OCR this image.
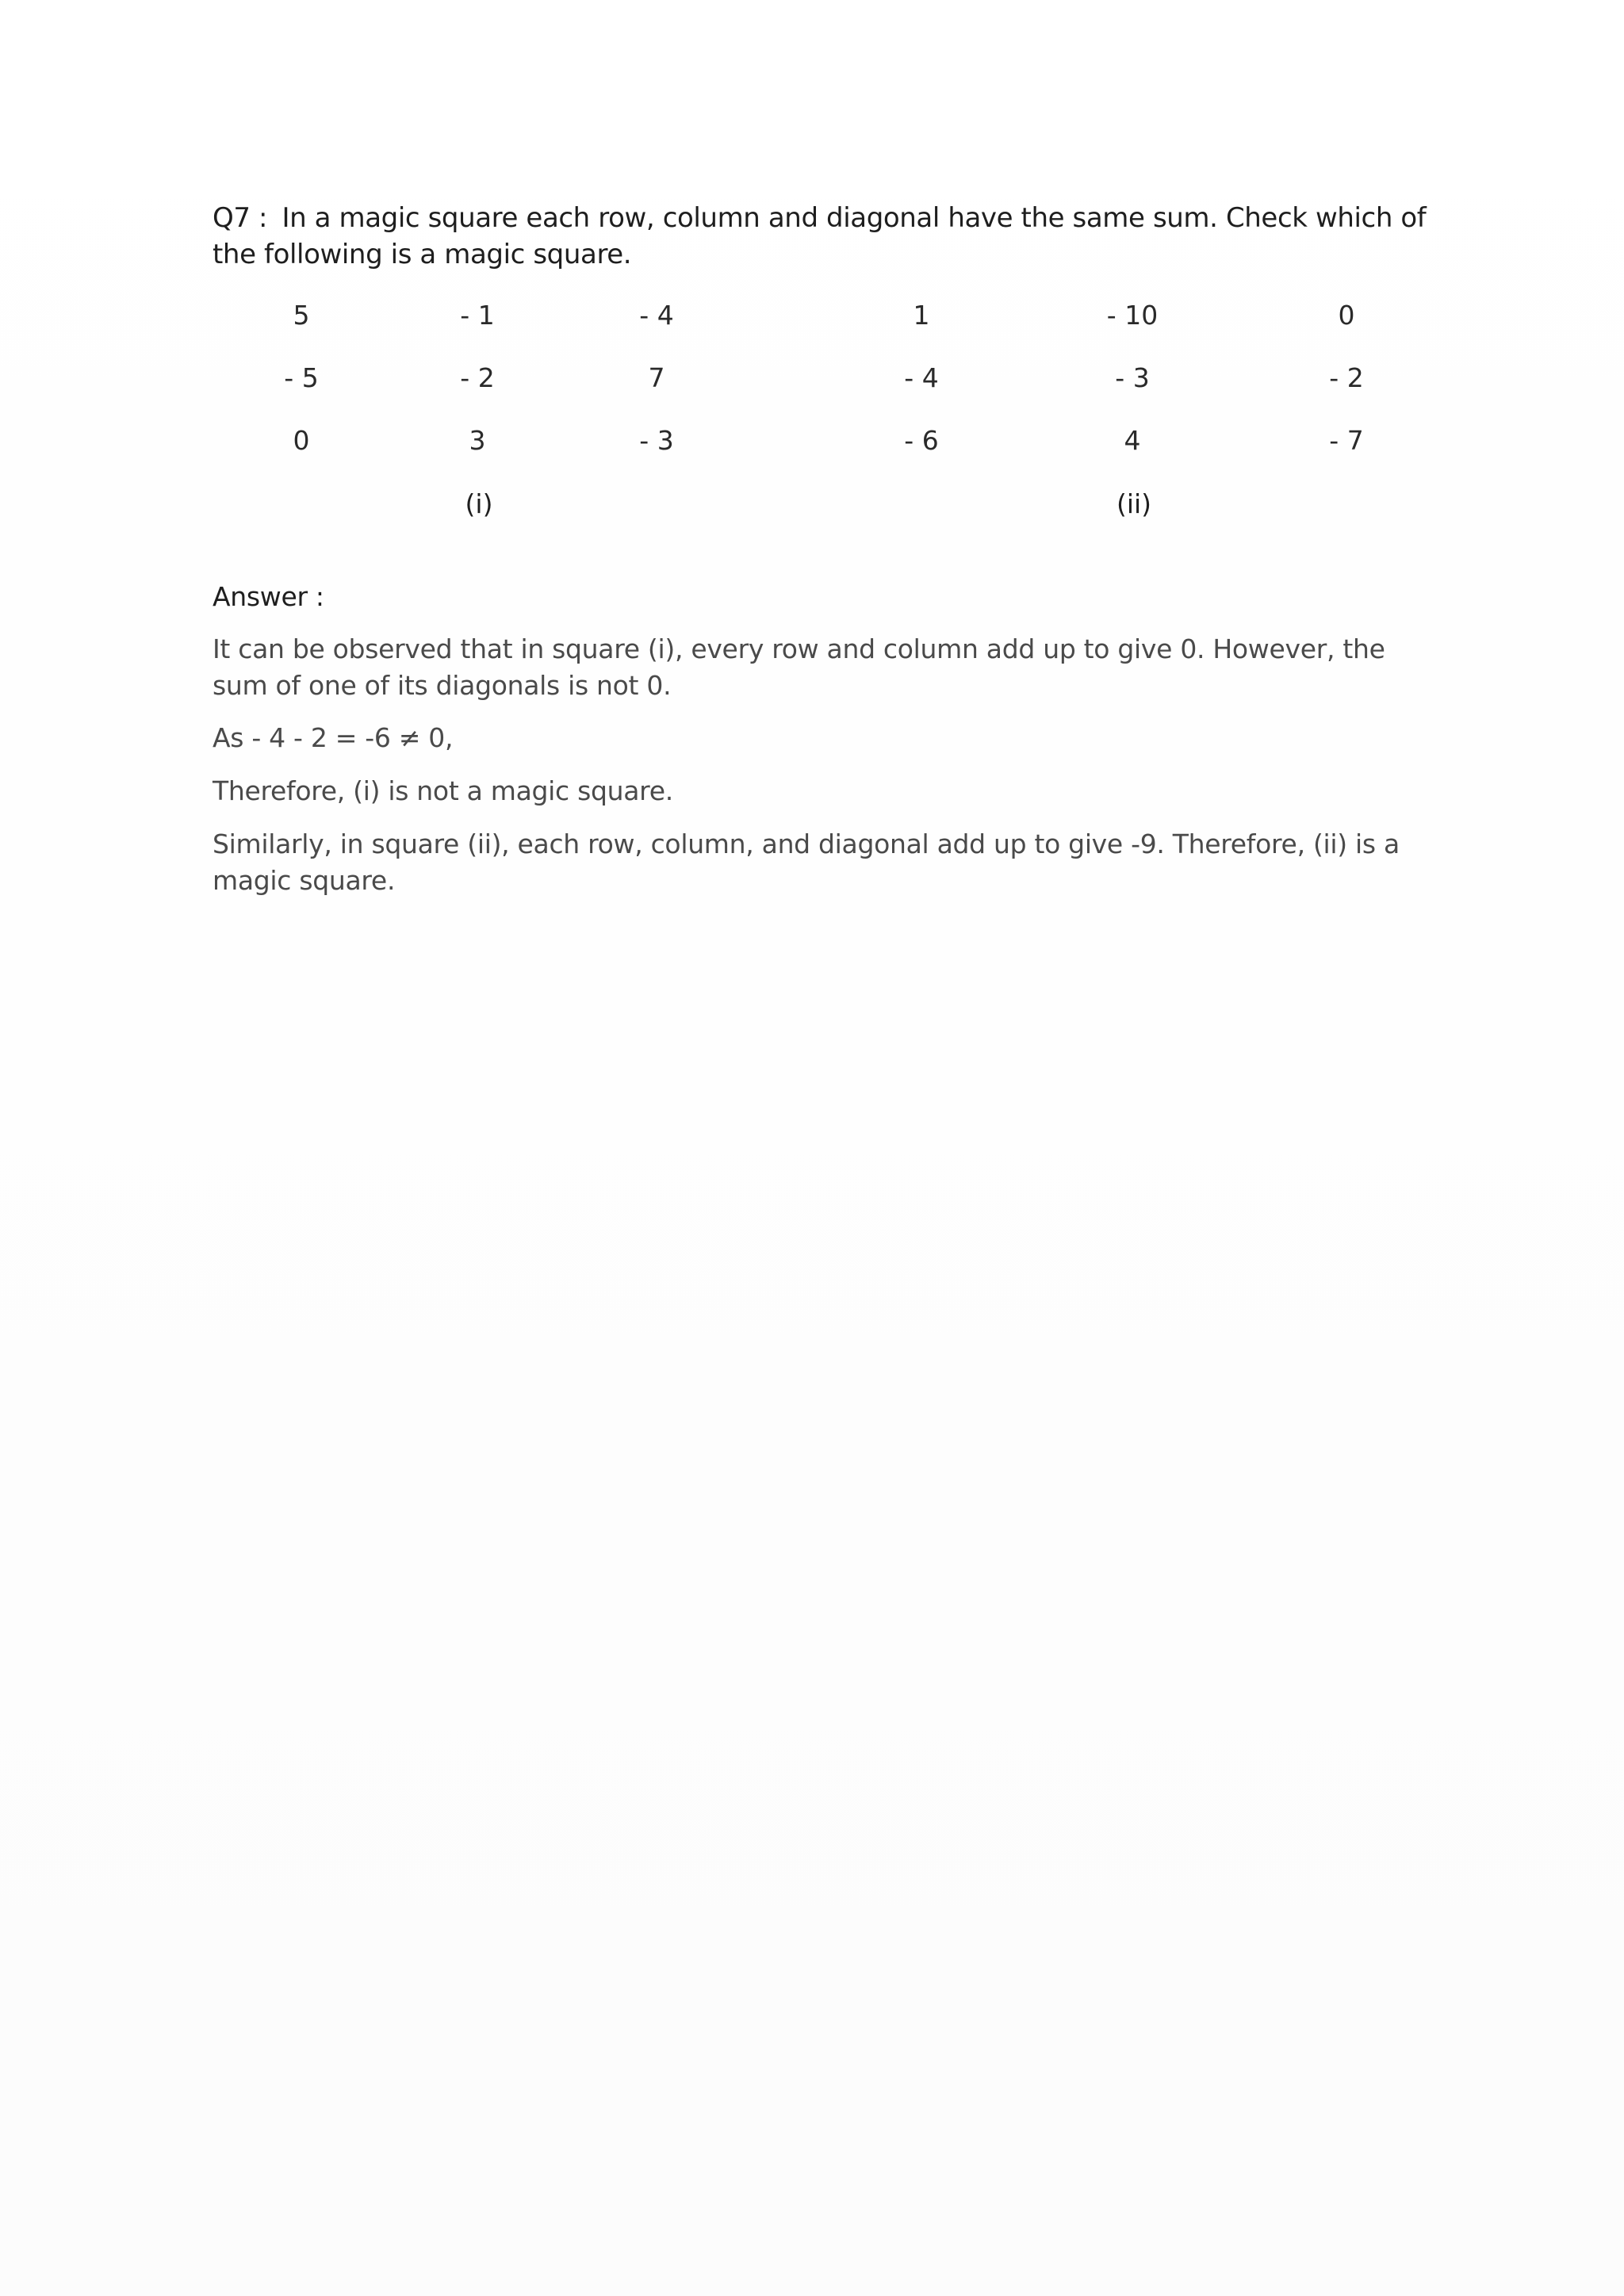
Q7 : In a magic square each row, column and diagonal have the same sum. Check which of the following is a magic square.
5	- 1	- 4
- 5	- 2	7
0	3	- 3
(i)
1	- 10	0
- 4	- 3	- 2
- 6	4	- 7
(ii)
Answer :
It can be observed that in square (i), every row and column add up to give 0. However, the sum of one of its diagonals is not 0.
As - 4 - 2 = -6 ≠ 0,
Therefore, (i) is not a magic square.
Similarly, in square (ii), each row, column, and diagonal add up to give -9. Therefore, (ii) is a magic square.
